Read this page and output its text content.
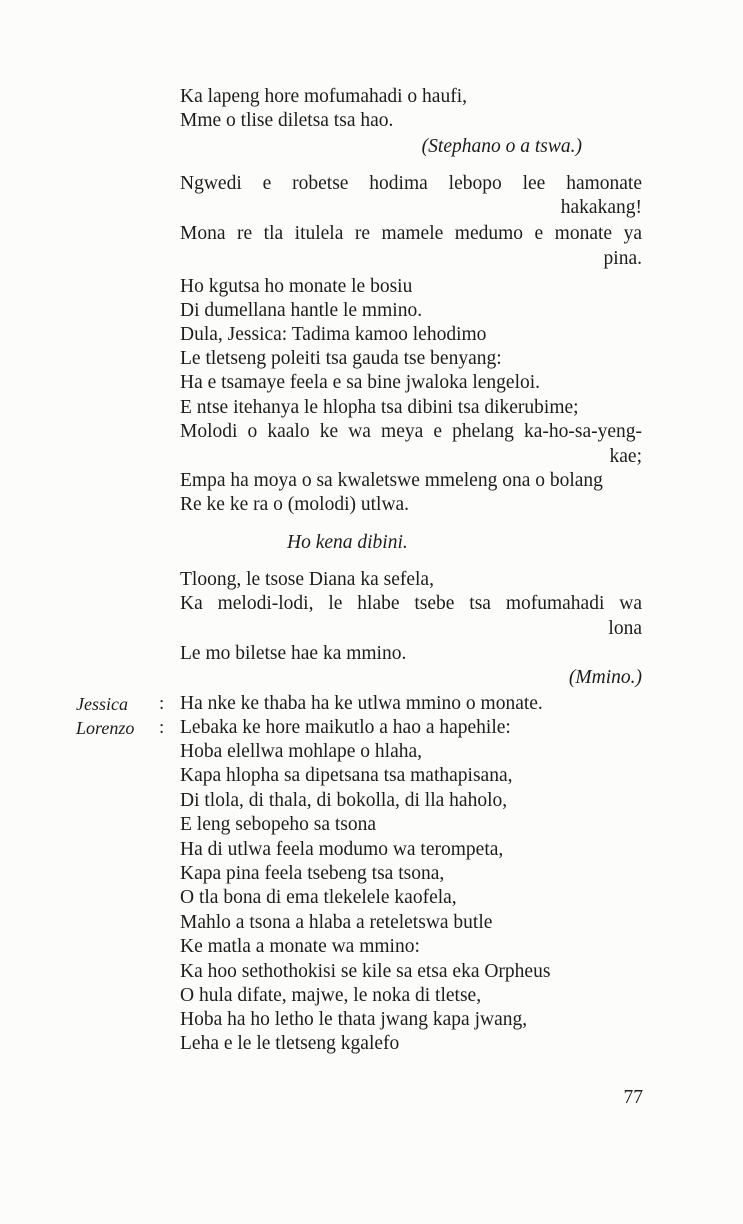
Ka lapeng hore mofumahadi o haufi,
Mme o tlise diletsa tsa hao.
(Stephano o a tswa.)
Ngwedi e robetse hodima lebopo lee hamonate
hakakang!
Mona re tla itulela re mamele medumo e monate ya
pina.
Ho kgutsa ho monate le bosiu
Di dumellana hantle le mmino.
Dula, Jessica: Tadima kamoo lehodimo
Le tletseng poleiti tsa gauda tse benyang:
Ha e tsamaye feela e sa bine jwaloka lengeloi.
E ntse itehanya le hlopha tsa dibini tsa dikerubime;
Molodi o kaalo ke wa meya e phelang ka-ho-sa-yeng-
kae;
Empa ha moya o sa kwaletswe mmeleng ona o bolang
Re ke ke ra o (molodi) utlwa.
Ho kena dibini.
Tloong, le tsose Diana ka sefela,
Ka melodi-lodi, le hlabe tsebe tsa mofumahadi wa
lona
Le mo biletse hae ka mmino.
(Mmino.)
Jessica : Ha nke ke thaba ha ke utlwa mmino o monate.
Lorenzo : Lebaka ke hore maikutlo a hao a hapehile:
Hoba elellwa mohlape o hlaha,
Kapa hlopha sa dipetsana tsa mathapisana,
Di tlola, di thala, di bokolla, di lla haholo,
E leng sebopeho sa tsona
Ha di utlwa feela modumo wa terompeta,
Kapa pina feela tsebeng tsa tsona,
O tla bona di ema tlekelele kaofela,
Mahlo a tsona a hlaba a reteletswa butle
Ke matla a monate wa mmino:
Ka hoo sethothokisi se kile sa etsa eka Orpheus
O hula difate, majwe, le noka di tletse,
Hoba ha ho letho le thata jwang kapa jwang,
Leha e le le tletseng kgalefo
77
